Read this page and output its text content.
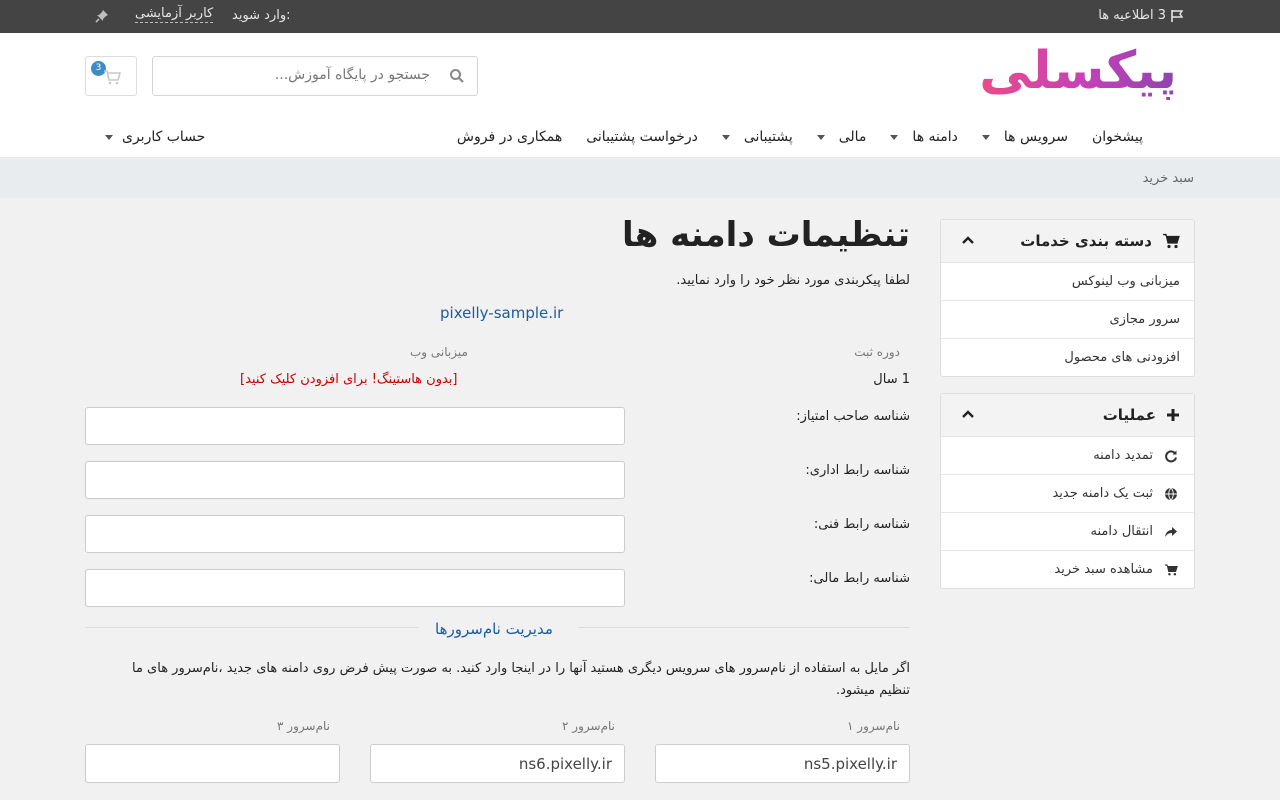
3 اطلاعیه ها
وارد شوید:
کاربر آزمایشی
پیکسلی
جستجو در پایگاه آموزش...
3
پیشخوان
سرویس ها
دامنه ها
مالی
پشتیبانی
درخواست پشتیبانی
همکاری در فروش
حساب کاربری
سبد خرید
دسته بندی خدمات
میزبانی وب لینوکس
سرور مجازی
افزودنی های محصول
عملیات
تمدید دامنه
ثبت یک دامنه جدید
انتقال دامنه
مشاهده سبد خرید
تنظیمات دامنه ها
لطفا پیکربندی مورد نظر خود را وارد نمایید.
pixelly-sample.ir
دوره ثبت
1 سال
میزبانی وب
[بدون هاستینگ! برای افزودن کلیک کنید]
شناسه صاحب امتیاز:
شناسه رابط اداری:
شناسه رابط فنی:
شناسه رابط مالی:
مدیریت نام‌سرورها
اگر مایل به استفاده از نام‌سرور های سرویس دیگری هستید آنها را در اینجا وارد کنید. به صورت پیش فرض روی دامنه های جدید ،نام‌سرور های ما تنظیم میشود.
نام‌سرور ۱
ns5.pixelly.ir
نام‌سرور ۲
ns6.pixelly.ir
نام‌سرور ۳
